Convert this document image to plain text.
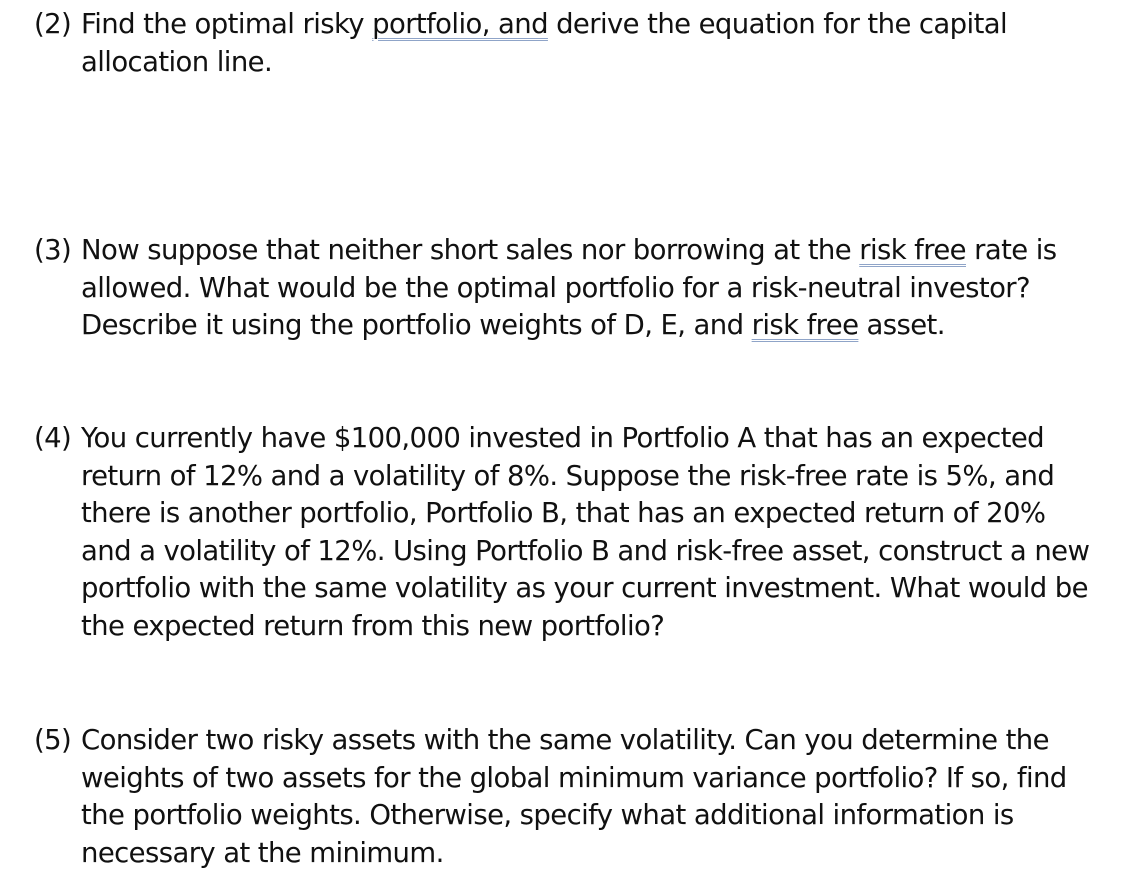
(2) Find the optimal risky portfolio, and derive the equation for the capital
allocation line.
(3) Now suppose that neither short sales nor borrowing at the risk free rate is
allowed. What would be the optimal portfolio for a risk-neutral investor?
Describe it using the portfolio weights of D, E, and risk free asset.
(4) You currently have $100,000 invested in Portfolio A that has an expected
return of 12% and a volatility of 8%. Suppose the risk-free rate is 5%, and
there is another portfolio, Portfolio B, that has an expected return of 20%
and a volatility of 12%. Using Portfolio B and risk-free asset, construct a new
portfolio with the same volatility as your current investment. What would be
the expected return from this new portfolio?
(5) Consider two risky assets with the same volatility. Can you determine the
weights of two assets for the global minimum variance portfolio? If so, find
the portfolio weights. Otherwise, specify what additional information is
necessary at the minimum.
